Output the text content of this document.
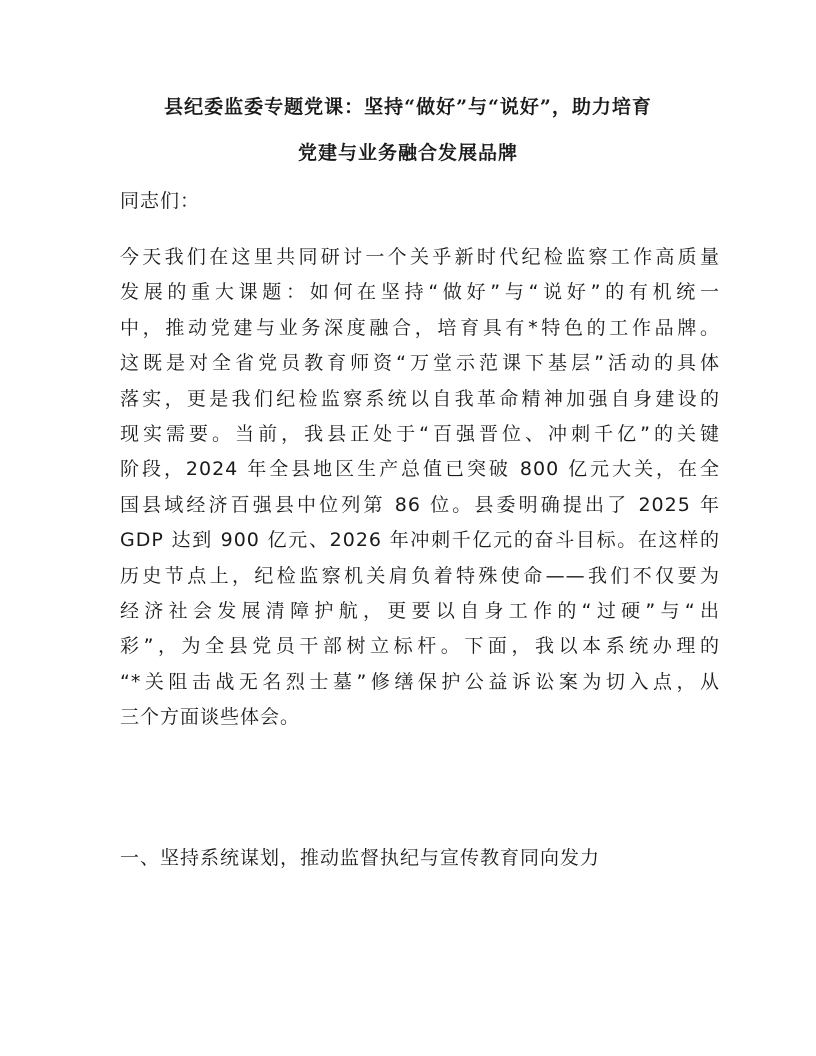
县纪委监委专题党课：坚持“做好”与“说好”，助力培育
党建与业务融合发展品牌
同志们：
今天我们在这里共同研讨一个关乎新时代纪检监察工作高质量
发展的重大课题：如何在坚持“做好”与“说好”的有机统一
中，推动党建与业务深度融合，培育具有*特色的工作品牌。
这既是对全省党员教育师资“万堂示范课下基层”活动的具体
落实，更是我们纪检监察系统以自我革命精神加强自身建设的
现实需要。当前，我县正处于“百强晋位、冲刺千亿”的关键
阶段，2024 年全县地区生产总值已突破 800 亿元大关，在全
国县域经济百强县中位列第 86 位。县委明确提出了 2025 年
GDP 达到 900 亿元、2026 年冲刺千亿元的奋斗目标。在这样的
历史节点上，纪检监察机关肩负着特殊使命——我们不仅要为
经济社会发展清障护航，更要以自身工作的“过硬”与“出
彩”，为全县党员干部树立标杆。下面，我以本系统办理的
“*关阻击战无名烈士墓”修缮保护公益诉讼案为切入点，从
三个方面谈些体会。
一、坚持系统谋划，推动监督执纪与宣传教育同向发力
